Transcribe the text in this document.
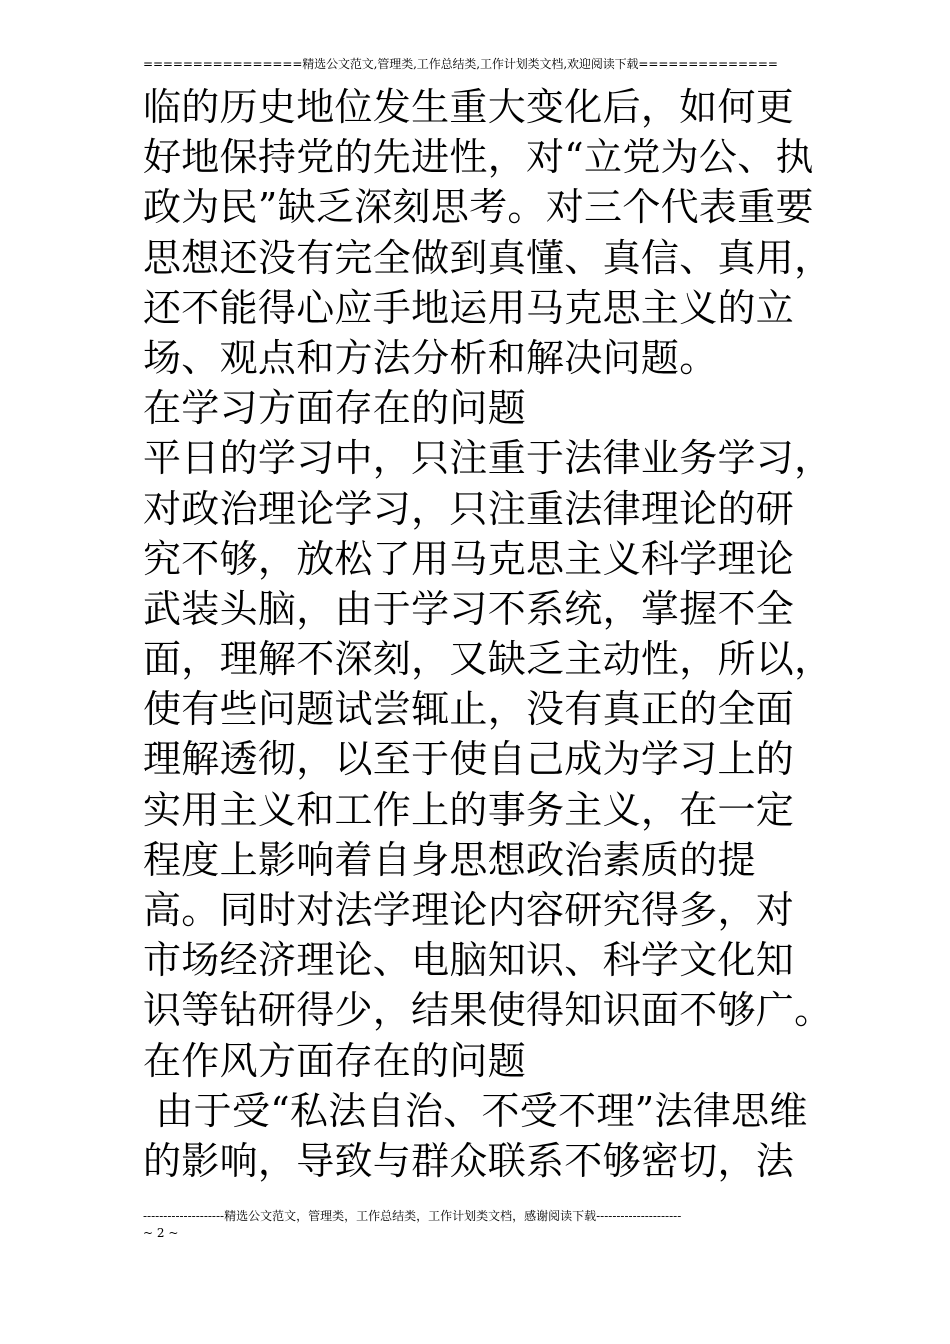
================精选公文范文,管理类,工作总结类,工作计划类文档,欢迎阅读下载==============
临的历史地位发生重大变化后，如何更
好地保持党的先进性，对“立党为公、执
政为民”缺乏深刻思考。对三个代表重要
思想还没有完全做到真懂、真信、真用，
还不能得心应手地运用马克思主义的立
场、观点和方法分析和解决问题。
在学习方面存在的问题
平日的学习中，只注重于法律业务学习，
对政治理论学习，只注重法律理论的研
究不够，放松了用马克思主义科学理论
武装头脑，由于学习不系统，掌握不全
面，理解不深刻，又缺乏主动性，所以，
使有些问题试尝辄止，没有真正的全面
理解透彻，以至于使自己成为学习上的
实用主义和工作上的事务主义，在一定
程度上影响着自身思想政治素质的提
高。同时对法学理论内容研究得多，对
市场经济理论、电脑知识、科学文化知
识等钻研得少，结果使得知识面不够广。
在作风方面存在的问题
由于受“私法自治、不受不理”法律思维
的影响，导致与群众联系不够密切，法
--------------------精选公文范文，管理类，工作总结类，工作计划类文档，感谢阅读下载---------------------
~ 2 ~
